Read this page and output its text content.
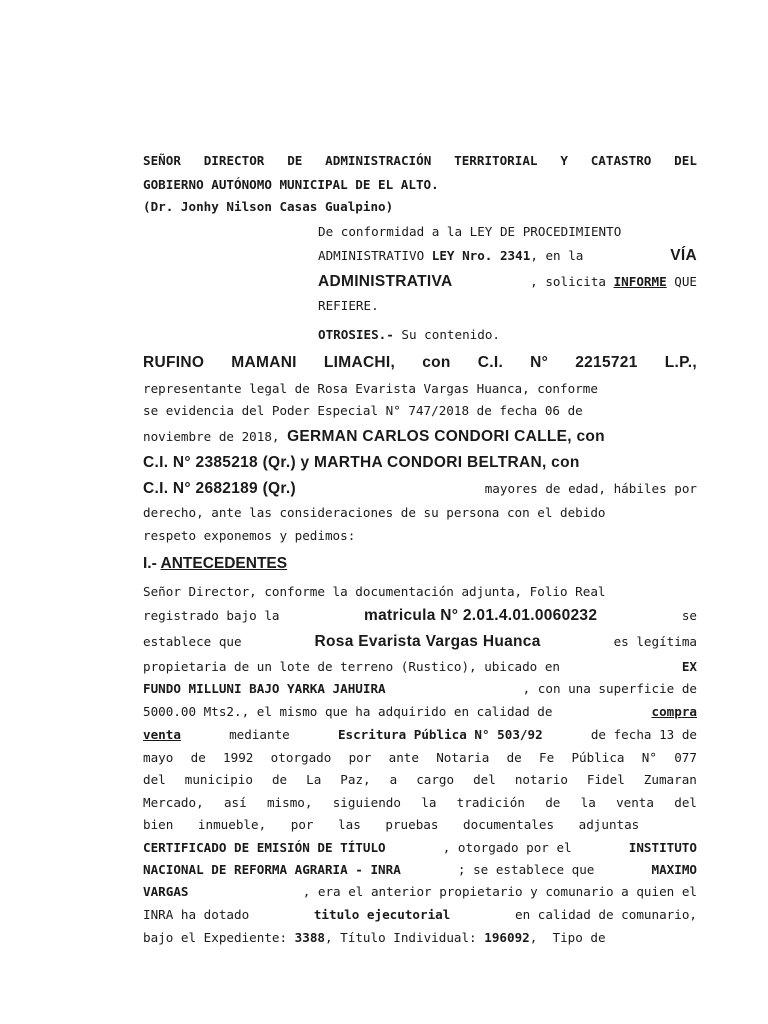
SEÑOR DIRECTOR DE ADMINISTRACIÓN TERRITORIAL Y CATASTRO DEL
GOBIERNO AUTÓNOMO MUNICIPAL DE EL ALTO.
(Dr. Jonhy Nilson Casas Gualpino)
De conformidad a la LEY DE PROCEDIMIENTO
ADMINISTRATIVO LEY Nro. 2341, en la	VÍA
ADMINISTRATIVA	, solicita INFORME QUE
REFIERE.
OTROSIES.- Su contenido.
RUFINO MAMANI LIMACHI, con C.I. N° 2215721 L.P.,
representante legal de Rosa Evarista Vargas Huanca, conforme
se evidencia del Poder Especial N° 747/2018 de fecha 06 de
noviembre de 2018, GERMAN CARLOS CONDORI CALLE, con
C.I. N° 2385218 (Qr.) y MARTHA CONDORI BELTRAN, con
C.I. N° 2682189 (Qr.)	mayores de edad, hábiles por
derecho, ante las consideraciones de su persona con el debido
respeto exponemos y pedimos:
I.- ANTECEDENTES
Señor Director, conforme la documentación adjunta, Folio Real
registrado bajo la	matricula N° 2.01.4.01.0060232	se
establece que	Rosa Evarista Vargas Huanca	es legítima
propietaria de un lote de terreno (Rustico), ubicado en	EX
FUNDO MILLUNI BAJO YARKA JAHUIRA	, con una superficie de
5000.00 Mts2., el mismo que ha adquirido en calidad de	compra
venta	mediante	Escritura Pública N° 503/92	de fecha 13 de
mayo de 1992 otorgado por ante Notaria de Fe Pública N° 077
del municipio de La Paz, a cargo del notario Fidel Zumaran
Mercado, así mismo, siguiendo la tradición de la venta del
bien inmueble, por las pruebas documentales adjuntas
CERTIFICADO DE EMISIÓN DE TÍTULO	, otorgado por el	INSTITUTO
NACIONAL DE REFORMA AGRARIA - INRA	; se establece que	MAXIMO
VARGAS	, era el anterior propietario y comunario a quien el
INRA ha dotado	titulo ejecutorial	en calidad de comunario,
bajo el Expediente: 3388, Título Individual: 196092,  Tipo de
